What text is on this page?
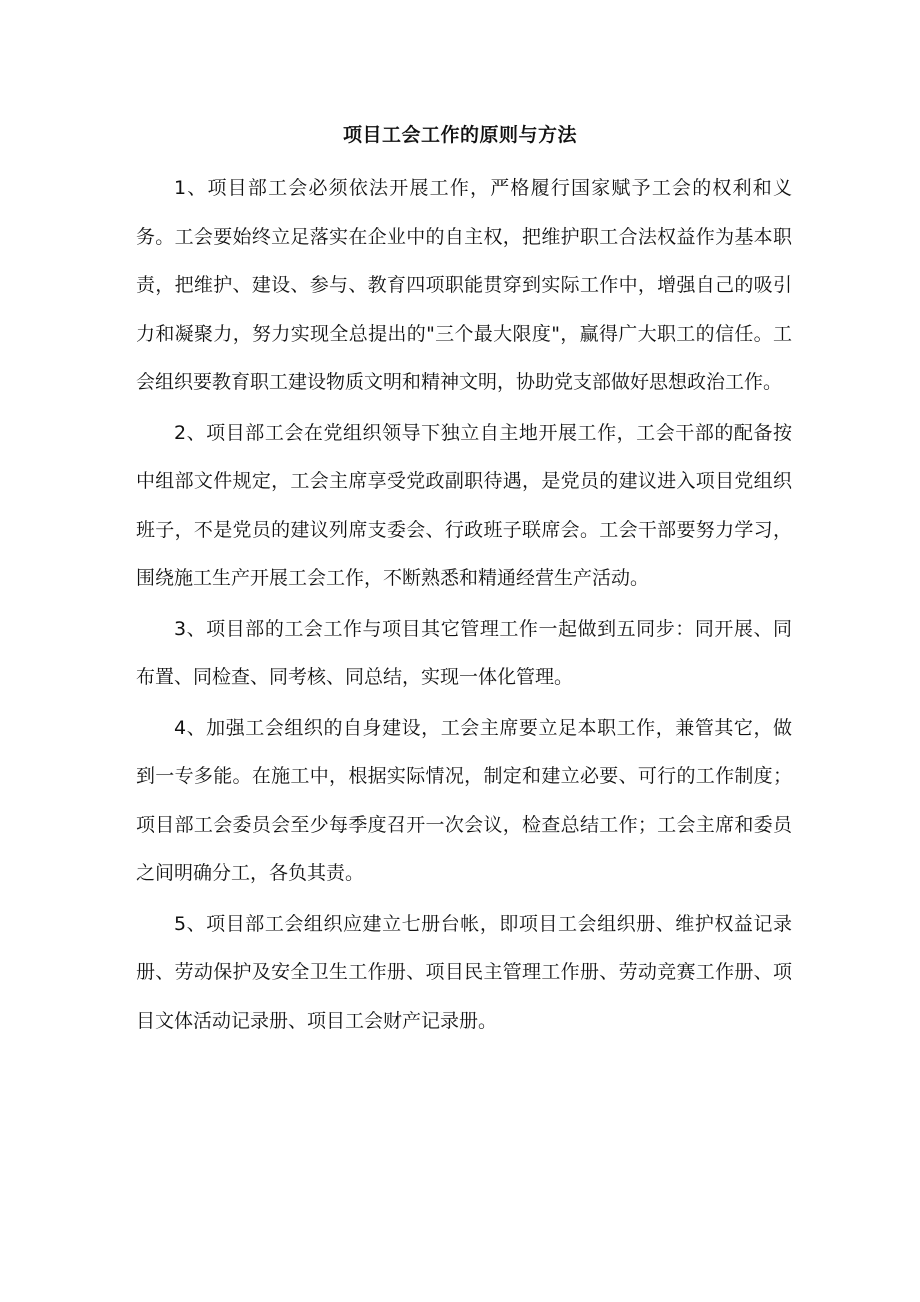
项目工会工作的原则与方法

1、项目部工会必须依法开展工作，严格履行国家赋予工会的权利和义务。工会要始终立足落实在企业中的自主权，把维护职工合法权益作为基本职责，把维护、建设、参与、教育四项职能贯穿到实际工作中，增强自己的吸引力和凝聚力，努力实现全总提出的"三个最大限度"，赢得广大职工的信任。工会组织要教育职工建设物质文明和精神文明，协助党支部做好思想政治工作。

2、项目部工会在党组织领导下独立自主地开展工作，工会干部的配备按中组部文件规定，工会主席享受党政副职待遇，是党员的建议进入项目党组织班子，不是党员的建议列席支委会、行政班子联席会。工会干部要努力学习，围绕施工生产开展工会工作，不断熟悉和精通经营生产活动。

3、项目部的工会工作与项目其它管理工作一起做到五同步：同开展、同布置、同检查、同考核、同总结，实现一体化管理。

4、加强工会组织的自身建设，工会主席要立足本职工作，兼管其它，做到一专多能。在施工中，根据实际情况，制定和建立必要、可行的工作制度；项目部工会委员会至少每季度召开一次会议，检查总结工作；工会主席和委员之间明确分工，各负其责。

5、项目部工会组织应建立七册台帐，即项目工会组织册、维护权益记录册、劳动保护及安全卫生工作册、项目民主管理工作册、劳动竞赛工作册、项目文体活动记录册、项目工会财产记录册。
